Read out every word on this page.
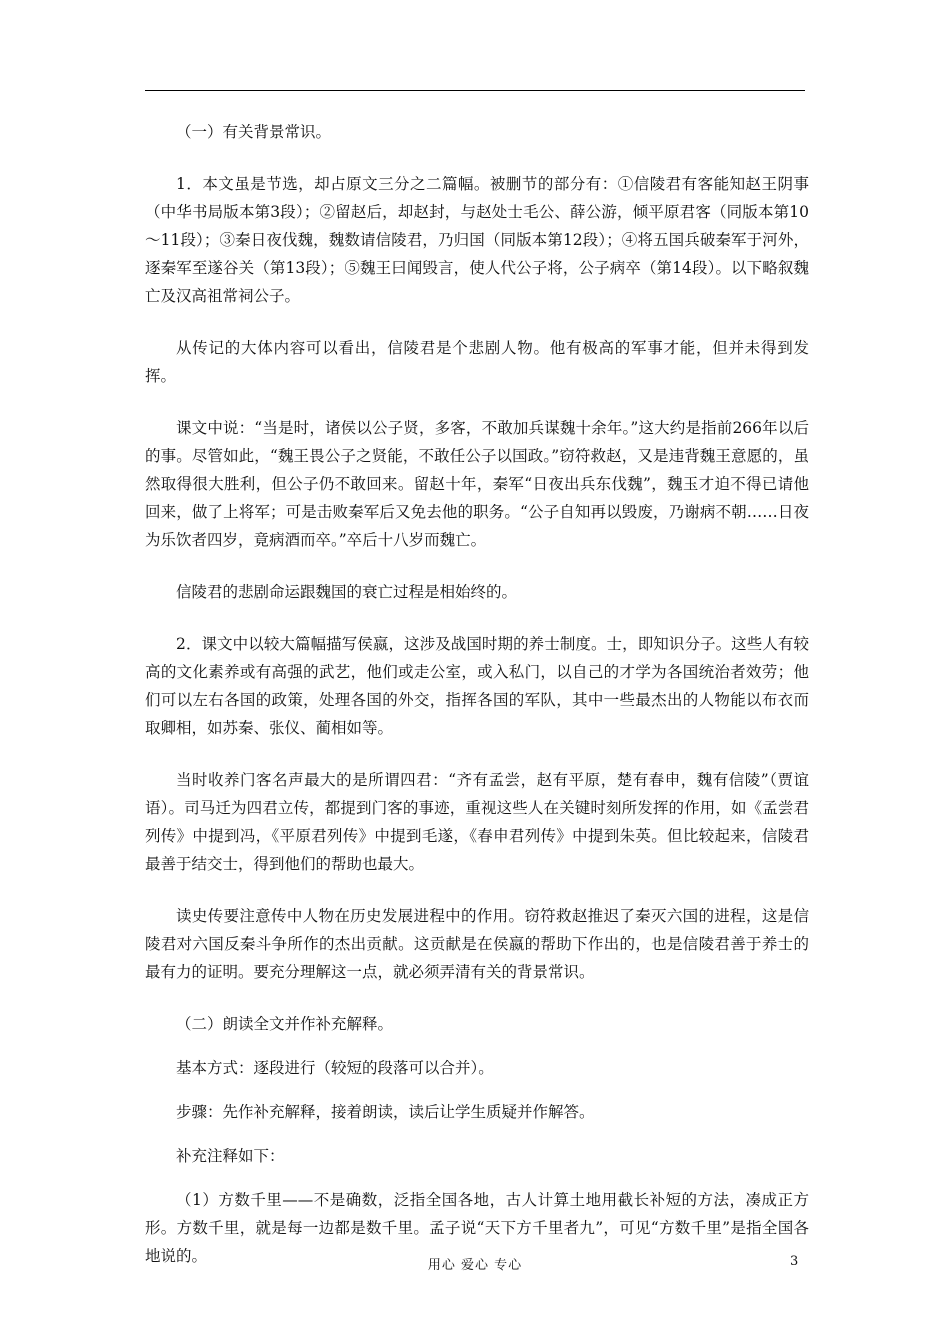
（一）有关背景常识。

1．本文虽是节选，却占原文三分之二篇幅。被删节的部分有：①信陵君有客能知赵王阴事（中华书局版本第3段）；②留赵后，却赵封，与赵处士毛公、薛公游，倾平原君客（同版本第10～11段）；③秦日夜伐魏，魏数请信陵君，乃归国（同版本第12段）；④将五国兵破秦军于河外，逐秦军至遂谷关（第13段）；⑤魏王曰闻毁言，使人代公子将，公子病卒（第14段）。以下略叙魏亡及汉高祖常祠公子。

从传记的大体内容可以看出，信陵君是个悲剧人物。他有极高的军事才能，但并未得到发挥。

课文中说：“当是时，诸侯以公子贤，多客，不敢加兵谋魏十余年。”这大约是指前266年以后的事。尽管如此，“魏王畏公子之贤能，不敢任公子以国政。”窃符救赵，又是违背魏王意愿的，虽然取得很大胜利，但公子仍不敢回来。留赵十年，秦军“日夜出兵东伐魏”，魏玉才迫不得已请他回来，做了上将军；可是击败秦军后又免去他的职务。“公子自知再以毁废，乃谢病不朝……日夜为乐饮者四岁，竟病酒而卒。”卒后十八岁而魏亡。

信陵君的悲剧命运跟魏国的衰亡过程是相始终的。

2．课文中以较大篇幅描写侯嬴，这涉及战国时期的养士制度。士，即知识分子。这些人有较高的文化素养或有高强的武艺，他们或走公室，或入私门，以自己的才学为各国统治者效劳；他们可以左右各国的政策，处理各国的外交，指挥各国的军队，其中一些最杰出的人物能以布衣而取卿相，如苏秦、张仪、蔺相如等。

当时收养门客名声最大的是所谓四君：“齐有孟尝，赵有平原，楚有春申，魏有信陵”（贾谊语）。司马迁为四君立传，都提到门客的事迹，重视这些人在关键时刻所发挥的作用，如《孟尝君列传》中提到冯，《平原君列传》中提到毛遂，《春申君列传》中提到朱英。但比较起来，信陵君最善于结交士，得到他们的帮助也最大。

读史传要注意传中人物在历史发展进程中的作用。窃符救赵推迟了秦灭六国的进程，这是信陵君对六国反秦斗争所作的杰出贡献。这贡献是在侯嬴的帮助下作出的，也是信陵君善于养士的最有力的证明。要充分理解这一点，就必须弄清有关的背景常识。

（二）朗读全文并作补充解释。

基本方式：逐段进行（较短的段落可以合并）。

步骤：先作补充解释，接着朗读，读后让学生质疑并作解答。

补充注释如下：

（1）方数千里——不是确数，泛指全国各地，古人计算土地用截长补短的方法，凑成正方形。方数千里，就是每一边都是数千里。孟子说“天下方千里者九”，可见“方数千里”是指全国各地说的。

用心 爱心 专心	3
